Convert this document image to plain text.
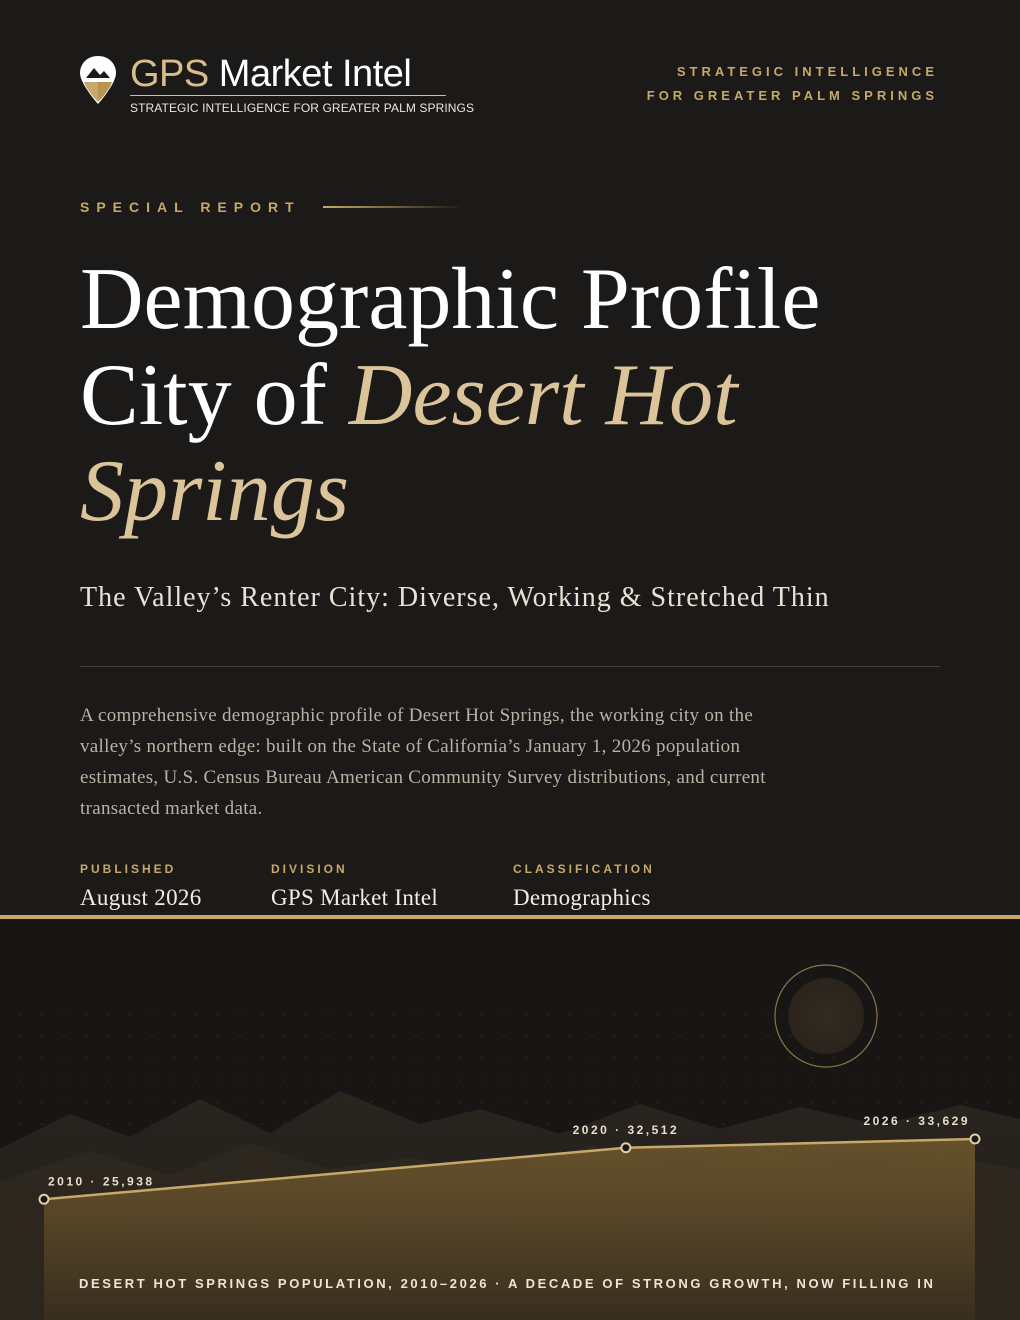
GPS Market Intel
STRATEGIC INTELLIGENCE FOR GREATER PALM SPRINGS
STRATEGIC INTELLIGENCE
FOR GREATER PALM SPRINGS
SPECIAL REPORT
Demographic Profile
City of Desert Hot
Springs
The Valley’s Renter City: Diverse, Working & Stretched Thin
A comprehensive demographic profile of Desert Hot Springs, the working city on the valley’s northern edge: built on the State of California’s January 1, 2026 population estimates, U.S. Census Bureau American Community Survey distributions, and current transacted market data.
PUBLISHED
August 2026
DIVISION
GPS Market Intel
CLASSIFICATION
Demographics
2010 · 25,938
2020 · 32,512
2026 · 33,629
DESERT HOT SPRINGS POPULATION, 2010–2026 · A DECADE OF STRONG GROWTH, NOW FILLING IN
